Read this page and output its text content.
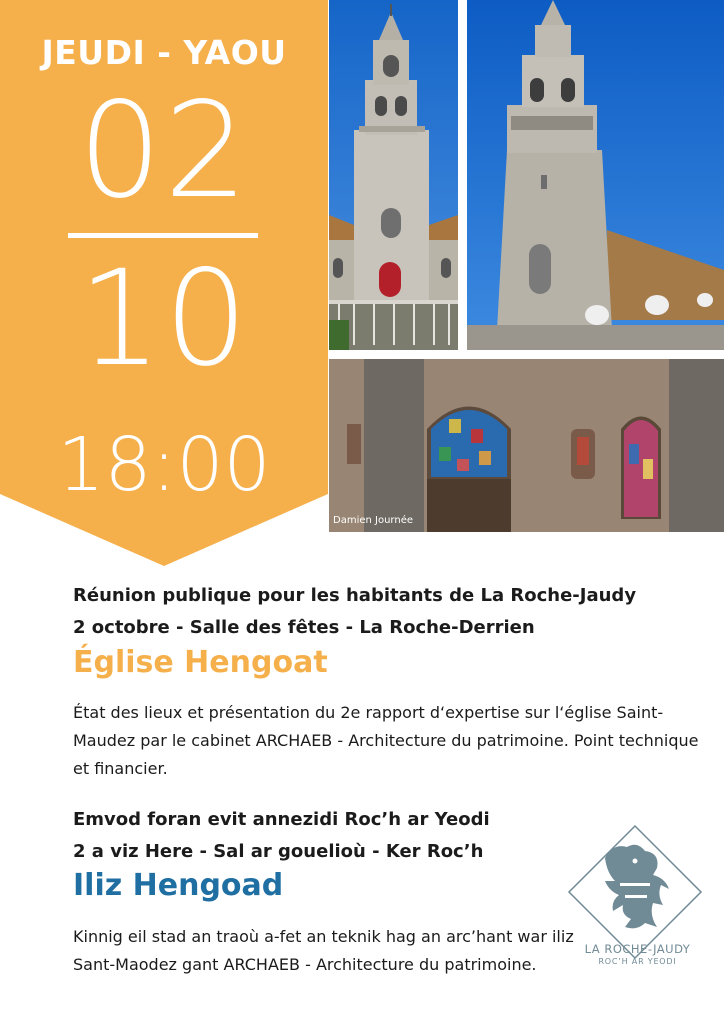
JEUDI - YAOU
02
10
18:00
Damien Journée
Réunion publique pour les habitants de La Roche-Jaudy
2 octobre - Salle des fêtes - La Roche-Derrien
Église Hengoat
État des lieux et présentation du 2e rapport d‘expertise sur l‘église Saint-Maudez par le cabinet ARCHAEB - Architecture du patrimoine. Point technique et financier.
Emvod foran evit annezidi Roc’h ar Yeodi
2 a viz Here - Sal ar gouelioù - Ker Roc’h
Iliz Hengoad
Kinnig eil stad an traoù a-fet an teknik hag an arc’hant war iliz Sant-Maodez gant ARCHAEB - Architecture du patrimoine.
LA ROCHE-JAUDY
ROC’H AR YEODI
